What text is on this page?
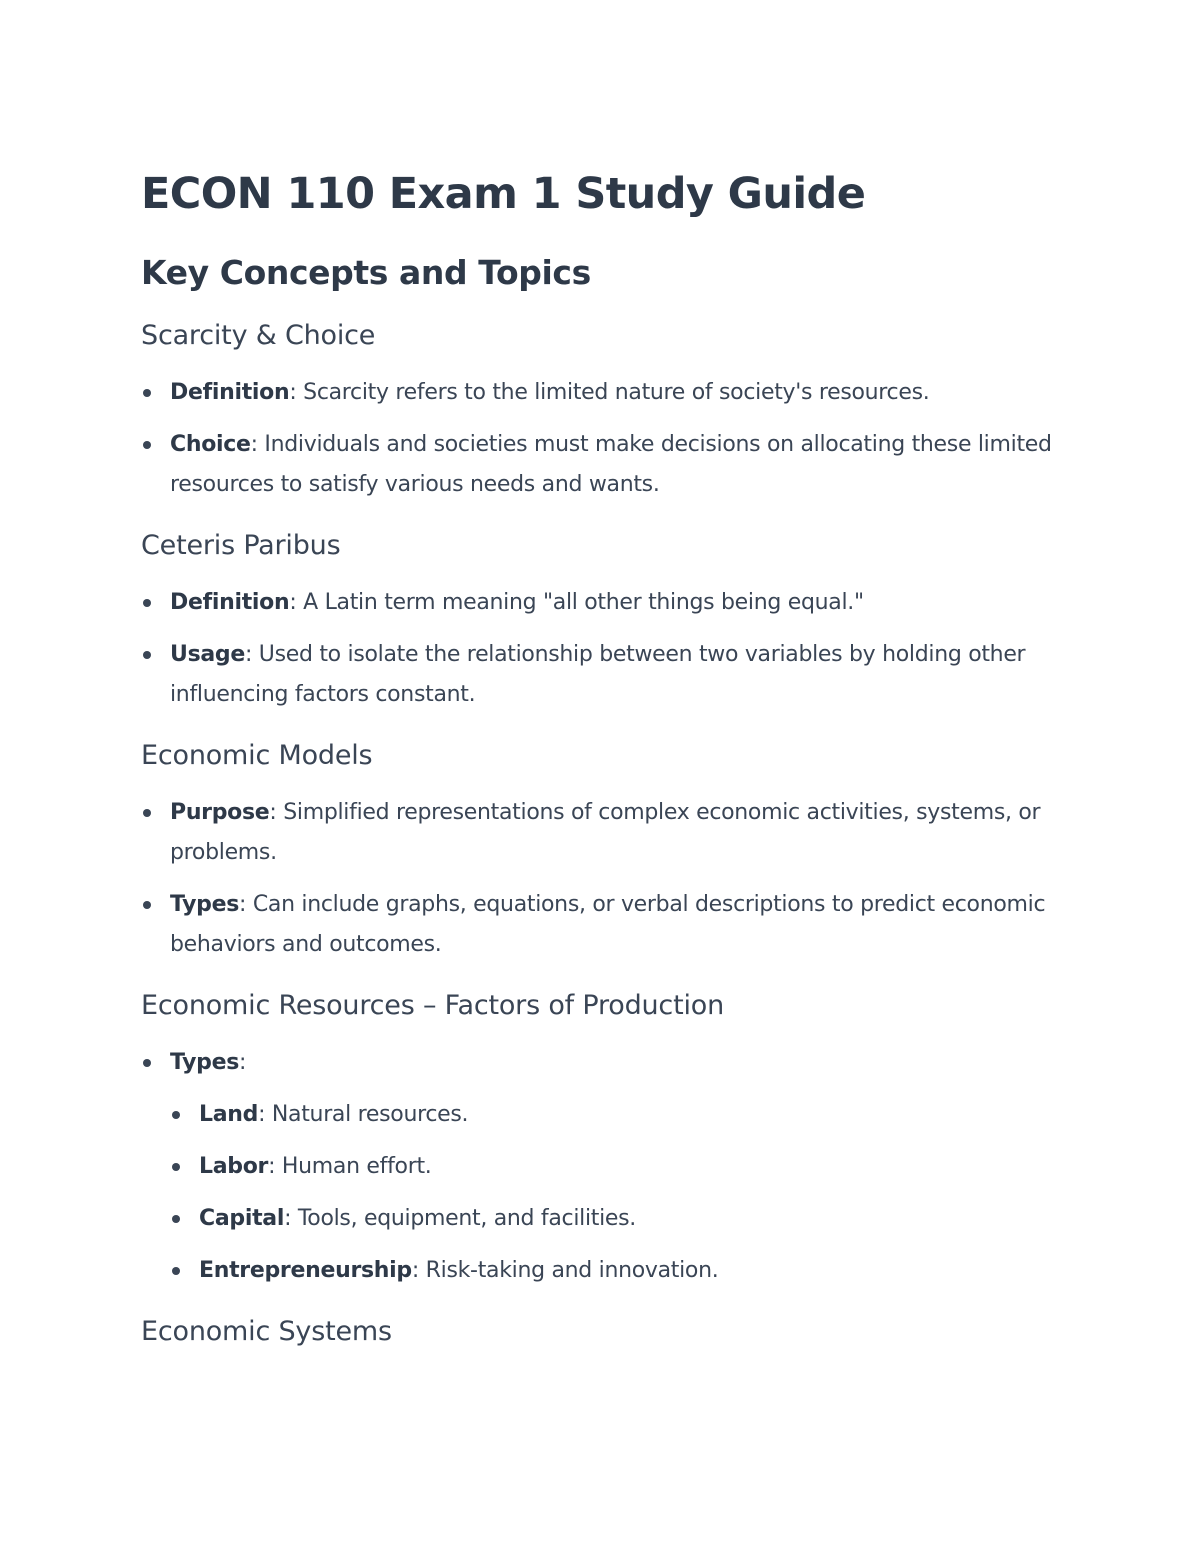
ECON 110 Exam 1 Study Guide
Key Concepts and Topics
Scarcity & Choice
Definition: Scarcity refers to the limited nature of society's resources.
Choice: Individuals and societies must make decisions on allocating these limited resources to satisfy various needs and wants.
Ceteris Paribus
Definition: A Latin term meaning "all other things being equal."
Usage: Used to isolate the relationship between two variables by holding other influencing factors constant.
Economic Models
Purpose: Simplified representations of complex economic activities, systems, or problems.
Types: Can include graphs, equations, or verbal descriptions to predict economic behaviors and outcomes.
Economic Resources – Factors of Production
Types:
Land: Natural resources.
Labor: Human effort.
Capital: Tools, equipment, and facilities.
Entrepreneurship: Risk-taking and innovation.
Economic Systems
